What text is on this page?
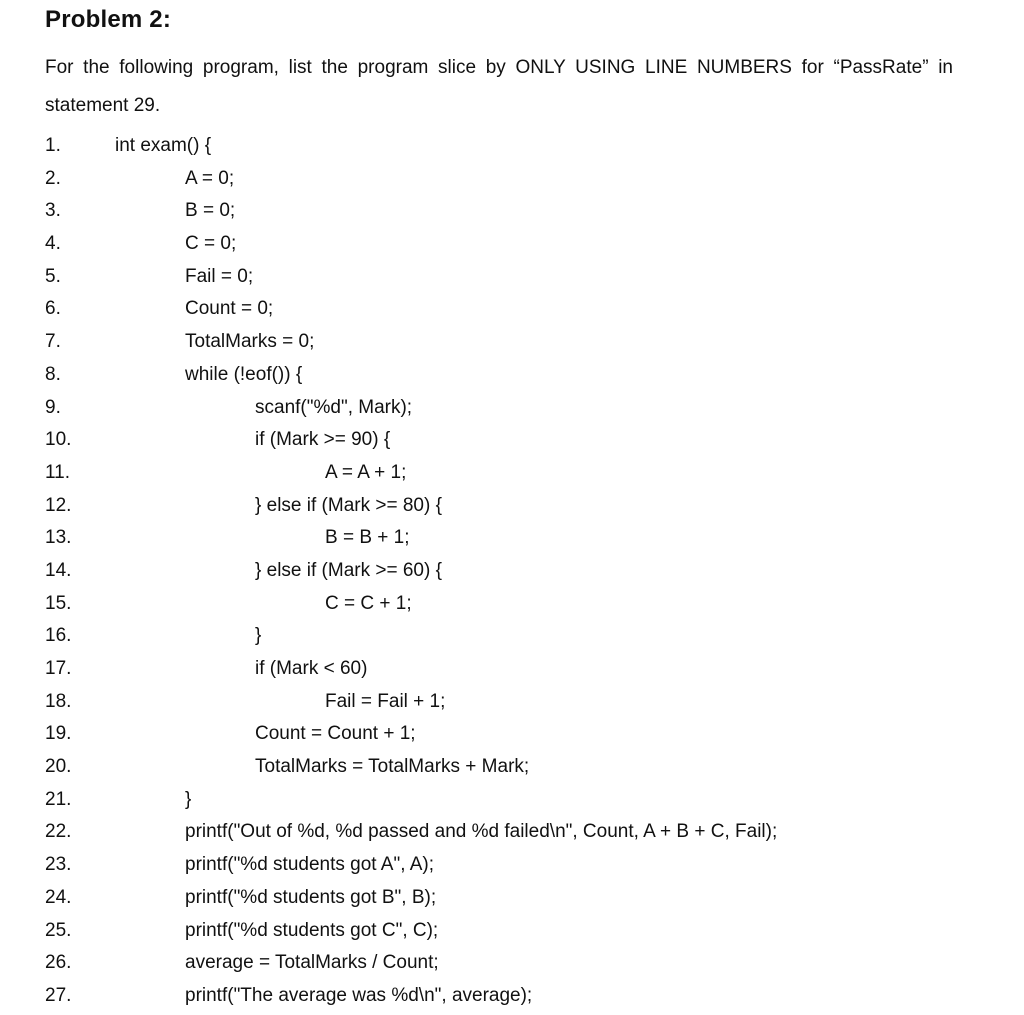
Problem 2:

For the following program, list the program slice by ONLY USING LINE NUMBERS for “PassRate” in

statement 29.

1.	int exam() {
2.	A = 0;
3.	B = 0;
4.	C = 0;
5.	Fail = 0;
6.	Count = 0;
7.	TotalMarks = 0;
8.	while (!eof()) {
9.	scanf("%d", Mark);
10.	if (Mark >= 90) {
11.	A = A + 1;
12.	} else if (Mark >= 80) {
13.	B = B + 1;
14.	} else if (Mark >= 60) {
15.	C = C + 1;
16.	}
17.	if (Mark < 60)
18.	Fail = Fail + 1;
19.	Count = Count + 1;
20.	TotalMarks = TotalMarks + Mark;
21.	}
22.	printf("Out of %d, %d passed and %d failed\n", Count, A + B + C, Fail);
23.	printf("%d students got A", A);
24.	printf("%d students got B", B);
25.	printf("%d students got C", C);
26.	average = TotalMarks / Count;
27.	printf("The average was %d\n", average);
